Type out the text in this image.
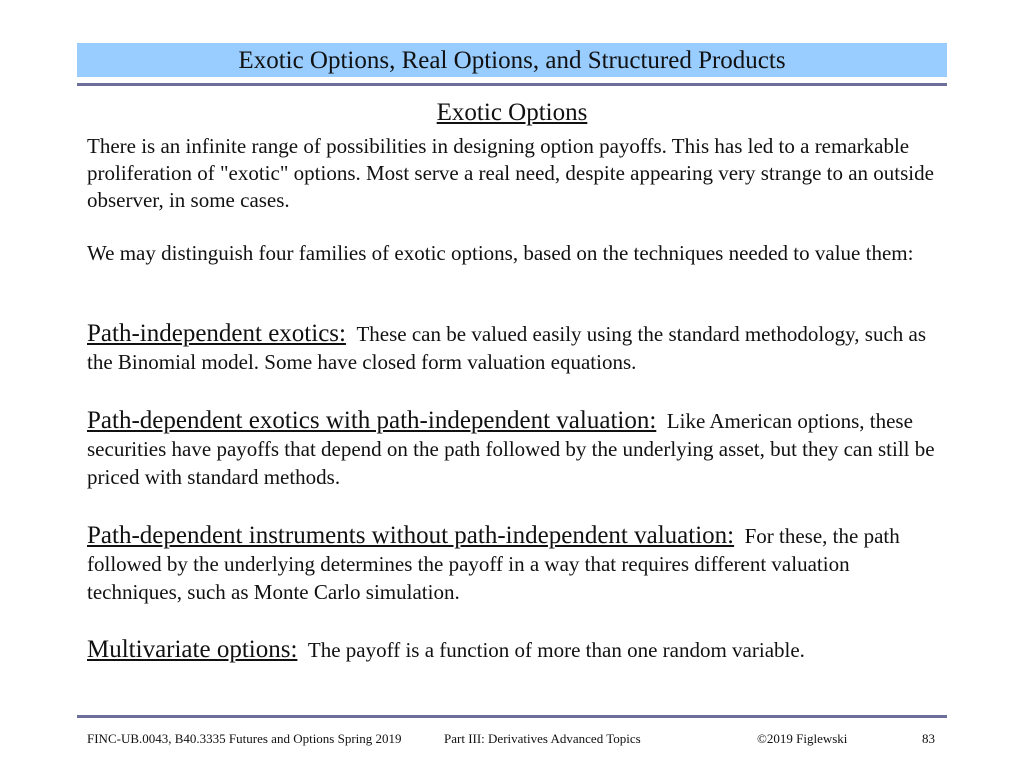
Exotic Options, Real Options, and Structured Products
Exotic Options
There is an infinite range of possibilities in designing option payoffs. This has led to a remarkable proliferation of "exotic" options. Most serve a real need, despite appearing very strange to an outside observer, in some cases.
We may distinguish four families of exotic options, based on the techniques needed to value them:
Path-independent exotics: These can be valued easily using the standard methodology, such as the Binomial model. Some have closed form valuation equations.
Path-dependent exotics with path-independent valuation: Like American options, these securities have payoffs that depend on the path followed by the underlying asset, but they can still be priced with standard methods.
Path-dependent instruments without path-independent valuation: For these, the path followed by the underlying determines the payoff in a way that requires different valuation techniques, such as Monte Carlo simulation.
Multivariate options: The payoff is a function of more than one random variable.
FINC-UB.0043, B40.3335 Futures and Options Spring 2019	Part III: Derivatives Advanced Topics	©2019 Figlewski	83
